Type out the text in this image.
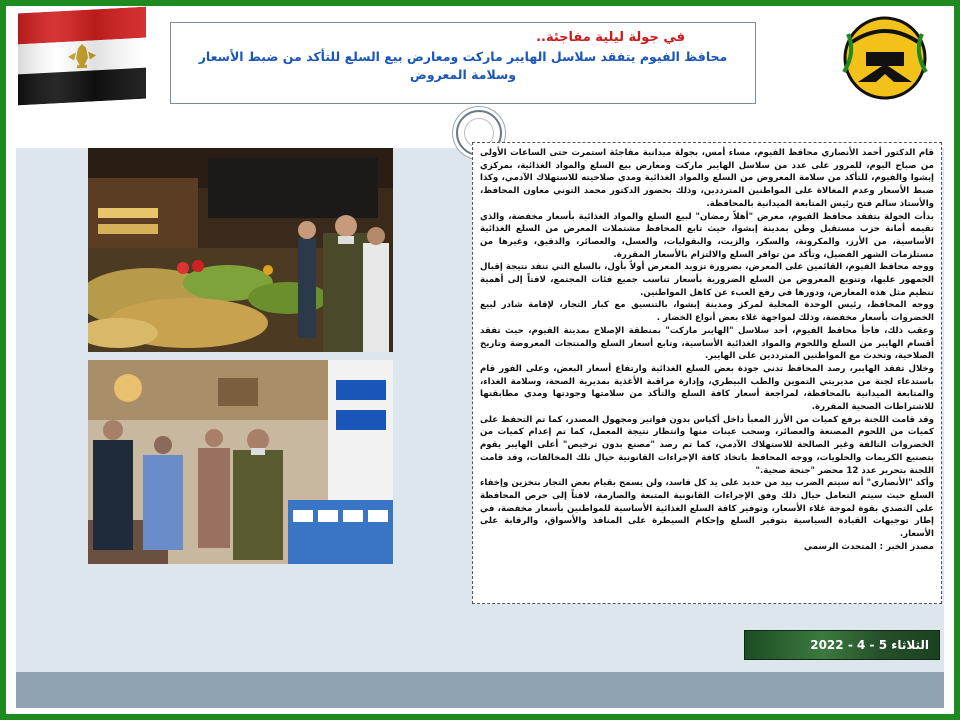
في جولة ليلية مفاجئة..
محافظ الفيوم يتفقد سلاسل الهايبر ماركت ومعارض بيع السلع للتأكد من ضبط الأسعار وسلامة المعروض

قام الدكتور أحمد الأنصاري محافظ الفيوم، مساء أمس، بجولة ميدانية مفاجئة استمرت حتى الساعات الأولى من صباح اليوم، للمرور على عدد من سلاسل الهايبر ماركت ومعارض بيع السلع والمواد الغذائية، بمركزي إبشوا والفيوم، للتأكد من سلامة المعروض من السلع والمواد الغذائية ومدي صلاحيته للاستهلاك الآدمي، وكذا ضبط الأسعار وعدم المغالاة على المواطنين المترددين، وذلك بحضور الدكتور محمد التوني معاون المحافظ، والأستاذ سالم فتح رئيس المتابعة الميدانية بالمحافظة.

بدأت الجولة بتفقد محافظ الفيوم، معرض "أهلاً رمضان" لبيع السلع والمواد الغذائية بأسعار مخفضة، والذي تقيمه أمانة حزب مستقبل وطن بمدينة إبشوا، حيث تابع المحافظ مشتملات المعرض من السلع الغذائية الأساسية، من الأرز، والمكرونة، والسكر، والزيت، والبقوليات، والعسل، والعصائر، والدقيق، وغيرها من مستلزمات الشهر الفضيل، وتأكد من توافر السلع والالتزام بالأسعار المقررة.

ووجه محافظ الفيوم، القائمين على المعرض، بضرورة تزويد المعرض أولاً بأول، بالسلع التي تنفد نتيجة إقبال الجمهور عليها، وتنويع المعروض من السلع الضرورية بأسعار تناسب جميع فئات المجتمع، لافتاً إلى أهمية تنظيم مثل هذه المعارض، ودورها في رفع العبء عن كاهل المواطنين.

ووجه المحافظ، رئيس الوحدة المحلية لمركز ومدينة إبشوا، بالتنسيق مع كبار التجار، لإقامة شادر لبيع الخضروات بأسعار مخفضة، وذلك لمواجهة غلاء بعض أنواع الخضار .

وعقب ذلك، فاجأ محافظ الفيوم، أحد سلاسل "الهايبر ماركت" بمنطقة الإصلاح بمدينة الفيوم، حيث تفقد أقسام الهايبر من السلع واللحوم والمواد الغذائية الأساسية، وتابع أسعار السلع والمنتجات المعروضة وتاريخ الصلاحية، وتحدث مع المواطنين المترددين على الهايبر.

وخلال تفقد الهايبر، رصد المحافظ تدني جودة بعض السلع الغذائية وارتفاع أسعار البعض، وعلى الفور قام باستدعاء لجنة من مديريتي التموين والطب البيطري، وإدارة مراقبة الأغذية بمديرية الصحة، وسلامة الغذاء، والمتابعة الميدانية بالمحافظة، لمراجعة أسعار كافة السلع والتأكد من سلامتها وجودتها ومدي مطابقتها للاشتراطات الصحية المقررة.

وقد قامت اللجنة برفع كميات من الأرز المعبأ داخل أكياس بدون فواتير ومجهول المصدر، كما تم التحفظ على كميات من اللحوم المصنعة والعصائر، وسحب عينات منها وانتظار نتيجة المعمل، كما تم إعدام كميات من الخضروات التالفة وغير الصالحة للاستهلاك الآدمي، كما تم رصد "مصنع بدون ترخيص" أعلى الهايبر يقوم بتصنيع الكريمات والحلويات، ووجه المحافظ باتخاذ كافة الإجراءات القانونية حيال تلك المخالفات، وقد قامت اللجنة بتحرير عدد 12 محضر "جنحة صحية."

وأكد "الأنصاري" أنه سيتم الضرب بيد من حديد على يد كل فاسد، ولن يسمح بقيام بعض التجار بتخزين وإخفاء السلع حيث سيتم التعامل حيال ذلك وفق الإجراءات القانونية المتبعة والصارمة، لافتاً إلى حرص المحافظة على التصدي بقوة لموجة غلاء الأسعار، وتوفير كافة السلع الغذائية الأساسية للمواطنين بأسعار مخفضة، في إطار توجيهات القيادة السياسية بتوفير السلع وإحكام السيطرة على المنافذ والأسواق، والرقابة على الأسعار.

مصدر الخبر : المتحدث الرسمي

الثلاثاء 5 - 4 - 2022
